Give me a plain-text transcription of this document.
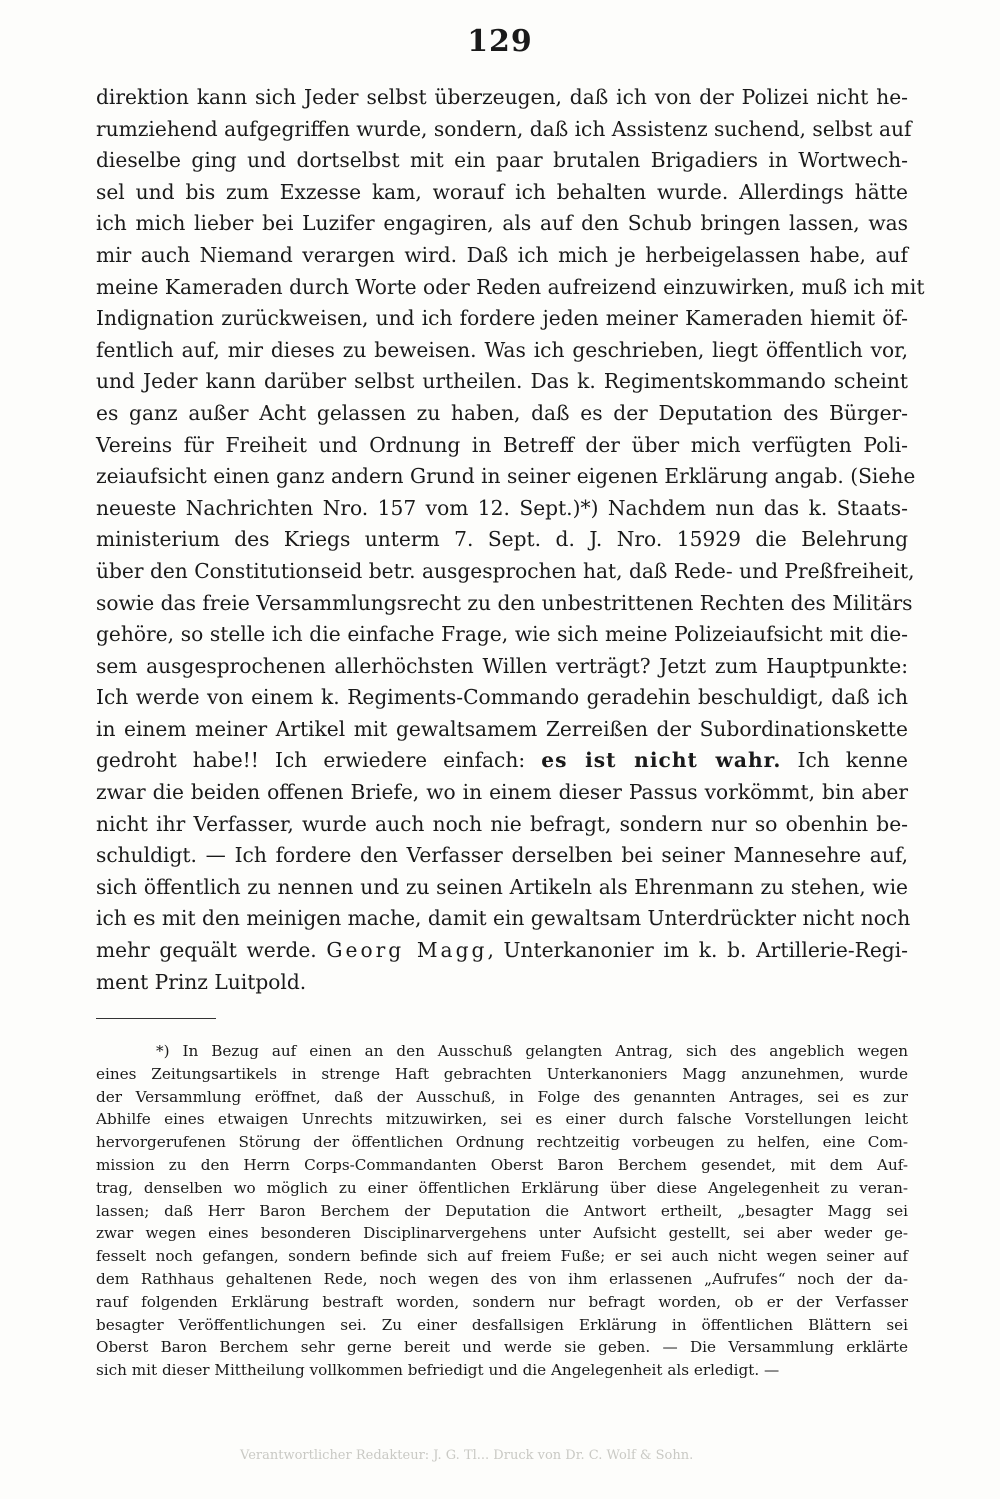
129
direktion kann sich Jeder selbst überzeugen, daß ich von der Polizei nicht he-
rumziehend aufgegriffen wurde, sondern, daß ich Assistenz suchend, selbst auf
dieselbe ging und dortselbst mit ein paar brutalen Brigadiers in Wortwech-
sel und bis zum Exzesse kam, worauf ich behalten wurde. Allerdings hätte
ich mich lieber bei Luzifer engagiren, als auf den Schub bringen lassen, was
mir auch Niemand verargen wird. Daß ich mich je herbeigelassen habe, auf
meine Kameraden durch Worte oder Reden aufreizend einzuwirken, muß ich mit
Indignation zurückweisen, und ich fordere jeden meiner Kameraden hiemit öf-
fentlich auf, mir dieses zu beweisen. Was ich geschrieben, liegt öffentlich vor,
und Jeder kann darüber selbst urtheilen. Das k. Regimentskommando scheint
es ganz außer Acht gelassen zu haben, daß es der Deputation des Bürger-
Vereins für Freiheit und Ordnung in Betreff der über mich verfügten Poli-
zeiaufsicht einen ganz andern Grund in seiner eigenen Erklärung angab. (Siehe
neueste Nachrichten Nro. 157 vom 12. Sept.)*) Nachdem nun das k. Staats-
ministerium des Kriegs unterm 7. Sept. d. J. Nro. 15929 die Belehrung
über den Constitutionseid betr. ausgesprochen hat, daß Rede- und Preßfreiheit,
sowie das freie Versammlungsrecht zu den unbestrittenen Rechten des Militärs
gehöre, so stelle ich die einfache Frage, wie sich meine Polizeiaufsicht mit die-
sem ausgesprochenen allerhöchsten Willen verträgt? Jetzt zum Hauptpunkte:
Ich werde von einem k. Regiments-Commando geradehin beschuldigt, daß ich
in einem meiner Artikel mit gewaltsamem Zerreißen der Subordinationskette
gedroht habe!! Ich erwiedere einfach: es ist nicht wahr. Ich kenne
zwar die beiden offenen Briefe, wo in einem dieser Passus vorkömmt, bin aber
nicht ihr Verfasser, wurde auch noch nie befragt, sondern nur so obenhin be-
schuldigt. — Ich fordere den Verfasser derselben bei seiner Mannesehre auf,
sich öffentlich zu nennen und zu seinen Artikeln als Ehrenmann zu stehen, wie
ich es mit den meinigen mache, damit ein gewaltsam Unterdrückter nicht noch
mehr gequält werde. Georg Magg, Unterkanonier im k. b. Artillerie-Regi-
ment Prinz Luitpold.
*) In Bezug auf einen an den Ausschuß gelangten Antrag, sich des angeblich wegen
eines Zeitungsartikels in strenge Haft gebrachten Unterkanoniers Magg anzunehmen, wurde
der Versammlung eröffnet, daß der Ausschuß, in Folge des genannten Antrages, sei es zur
Abhilfe eines etwaigen Unrechts mitzuwirken, sei es einer durch falsche Vorstellungen leicht
hervorgerufenen Störung der öffentlichen Ordnung rechtzeitig vorbeugen zu helfen, eine Com-
mission zu den Herrn Corps-Commandanten Oberst Baron Berchem gesendet, mit dem Auf-
trag, denselben wo möglich zu einer öffentlichen Erklärung über diese Angelegenheit zu veran-
lassen; daß Herr Baron Berchem der Deputation die Antwort ertheilt, „besagter Magg sei
zwar wegen eines besonderen Disciplinarvergehens unter Aufsicht gestellt, sei aber weder ge-
fesselt noch gefangen, sondern befinde sich auf freiem Fuße; er sei auch nicht wegen seiner auf
dem Rathhaus gehaltenen Rede, noch wegen des von ihm erlassenen „Aufrufes“ noch der da-
rauf folgenden Erklärung bestraft worden, sondern nur befragt worden, ob er der Verfasser
besagter Veröffentlichungen sei. Zu einer desfallsigen Erklärung in öffentlichen Blättern sei
Oberst Baron Berchem sehr gerne bereit und werde sie geben. — Die Versammlung erklärte
sich mit dieser Mittheilung vollkommen befriedigt und die Angelegenheit als erledigt. —
Verantwortlicher Redakteur: J. G. Tl... Druck von Dr. C. Wolf & Sohn.
